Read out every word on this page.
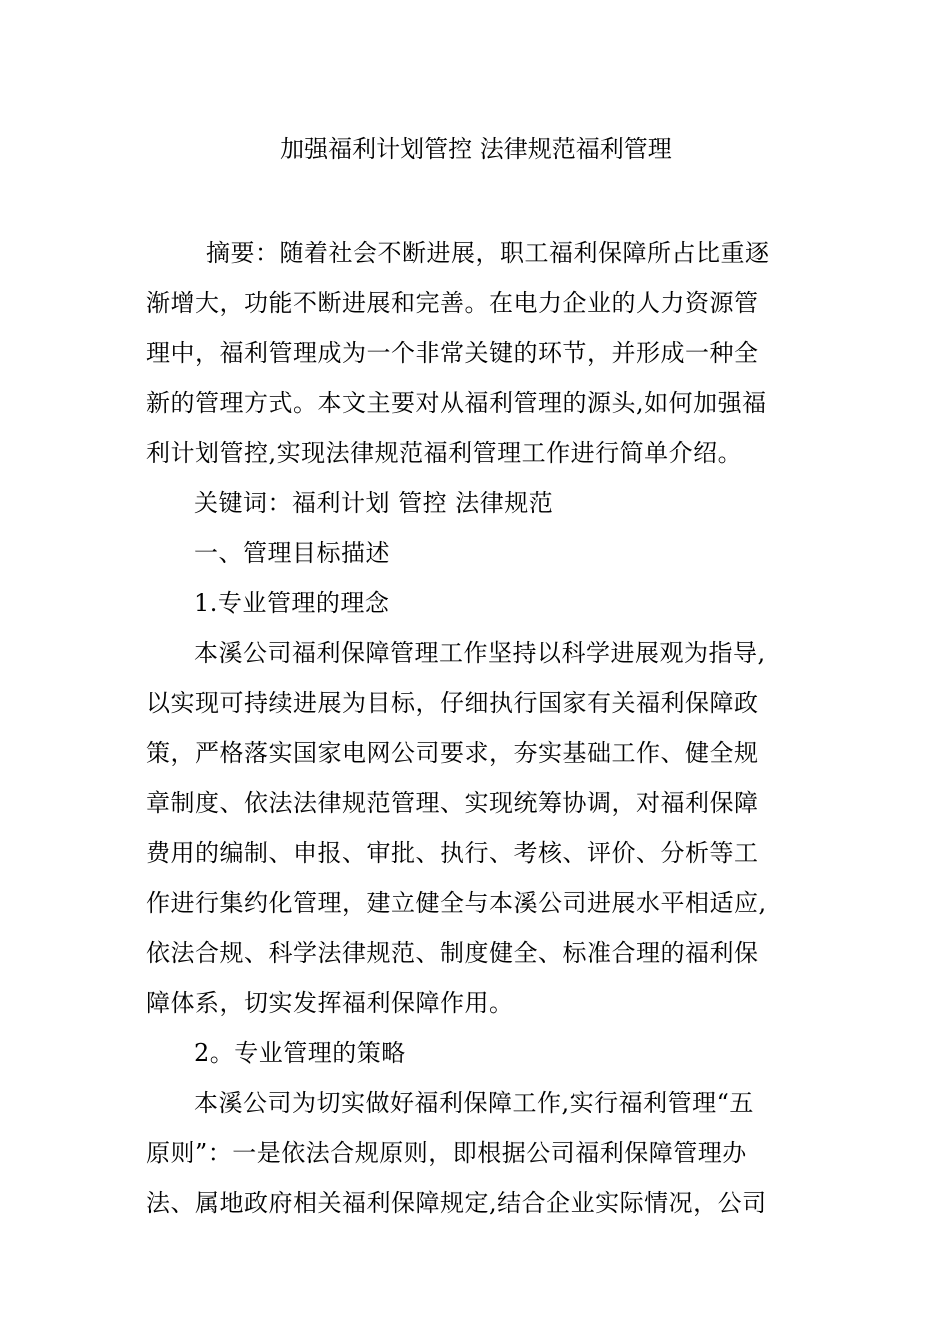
加强福利计划管控 法律规范福利管理
摘要：随着社会不断进展，职工福利保障所占比重逐
渐增大，功能不断进展和完善。在电力企业的人力资源管
理中，福利管理成为一个非常关键的环节，并形成一种全
新的管理方式。本文主要对从福利管理的源头,如何加强福
利计划管控,实现法律规范福利管理工作进行简单介绍。
关键词：福利计划 管控 法律规范
一、管理目标描述
1.专业管理的理念
本溪公司福利保障管理工作坚持以科学进展观为指导,
以实现可持续进展为目标，仔细执行国家有关福利保障政
策，严格落实国家电网公司要求，夯实基础工作、健全规
章制度、依法法律规范管理、实现统筹协调，对福利保障
费用的编制、申报、审批、执行、考核、评价、分析等工
作进行集约化管理，建立健全与本溪公司进展水平相适应,
依法合规、科学法律规范、制度健全、标准合理的福利保
障体系，切实发挥福利保障作用。
2。专业管理的策略
本溪公司为切实做好福利保障工作,实行福利管理“五
原则”：一是依法合规原则，即根据公司福利保障管理办
法、属地政府相关福利保障规定,结合企业实际情况，公司
